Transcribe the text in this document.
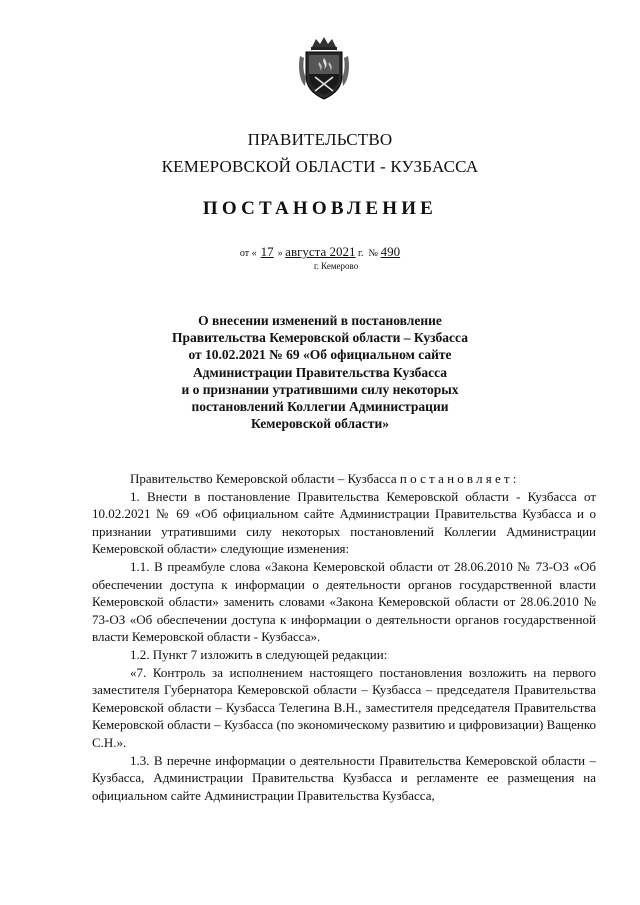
ПРАВИТЕЛЬСТВО
КЕМЕРОВСКОЙ ОБЛАСТИ - КУЗБАССА
ПОСТАНОВЛЕНИЕ
от « 17 » августа 2021 г. № 490
г. Кемерово
О внесении изменений в постановление
Правительства Кемеровской области – Кузбасса
от 10.02.2021 № 69 «Об официальном сайте
Администрации Правительства Кузбасса
и о признании утратившими силу некоторых
постановлений Коллегии Администрации
Кемеровской области»

Правительство Кемеровской области – Кузбасса постановляет:

1. Внести в постановление Правительства Кемеровской области - Кузбасса от 10.02.2021 № 69 «Об официальном сайте Администрации Правительства Кузбасса и о признании утратившими силу некоторых постановлений Коллегии Администрации Кемеровской области» следующие изменения:

1.1. В преамбуле слова «Закона Кемеровской области от 28.06.2010 № 73-ОЗ «Об обеспечении доступа к информации о деятельности органов государственной власти Кемеровской области» заменить словами «Закона Кемеровской области от 28.06.2010 № 73-ОЗ «Об обеспечении доступа к информации о деятельности органов государственной власти Кемеровской области - Кузбасса».

1.2. Пункт 7 изложить в следующей редакции:

«7. Контроль за исполнением настоящего постановления возложить на первого заместителя Губернатора Кемеровской области – Кузбасса – председателя Правительства Кемеровской области – Кузбасса Телегина В.Н., заместителя председателя Правительства Кемеровской области – Кузбасса (по экономическому развитию и цифровизации) Ващенко С.Н.».

1.3. В перечне информации о деятельности Правительства Кемеровской области – Кузбасса, Администрации Правительства Кузбасса и регламенте ее размещения на официальном сайте Администрации Правительства Кузбасса,
